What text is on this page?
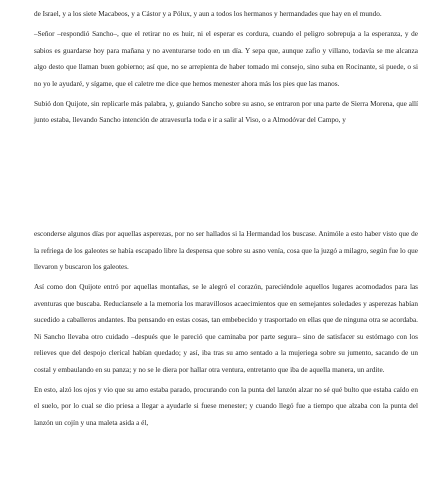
de Israel, y a los siete Macabeos, y a Cástor y a Pólux, y aun a todos los hermanos y hermandades que hay en el mundo.

–Señor –respondió Sancho–, que el retirar no es huir, ni el esperar es cordura, cuando el peligro sobrepuja a la esperanza, y de sabios es guardarse hoy para mañana y no aventurarse todo en un día. Y sepa que, aunque zafio y villano, todavía se me alcanza algo desto que llaman buen gobierno; así que, no se arrepienta de haber tomado mi consejo, sino suba en Rocinante, si puede, o si no yo le ayudaré, y sígame, que el caletre me dice que hemos menester ahora más los pies que las manos.

Subió don Quijote, sin replicarle más palabra, y, guiando Sancho sobre su asno, se entraron por una parte de Sierra Morena, que allí junto estaba, llevando Sancho intención de atravesurla toda e ir a salir al Viso, o a Almodóvar del Campo, y

esconderse algunos días por aquellas asperezas, por no ser hallados si la Hermandad los buscase. Animóle a esto haber visto que de la refriega de los galeotes se había escapado libre la despensa que sobre su asno venía, cosa que la juzgó a milagro, según fue lo que llevaron y buscaron los galeotes.

Así como don Quijote entró por aquellas montañas, se le alegró el corazón, pareciéndole aquellos lugares acomodados para las aventuras que buscaba. Reducíansele a la memoria los maravillosos acaecimientos que en semejantes soledades y asperezas habían sucedido a caballeros andantes. Iba pensando en estas cosas, tan embebecido y trasportado en ellas que de ninguna otra se acordaba. Ni Sancho llevaba otro cuidado –después que le pareció que caminaba por parte segura– sino de satisfacer su estómago con los relieves que del despojo clerical habían quedado; y así, iba tras su amo sentado a la mujeriega sobre su jumento, sacando de un costal y embaulando en su panza; y no se le diera por hallar otra ventura, entretanto que iba de aquella manera, un ardite.

En esto, alzó los ojos y vio que su amo estaba parado, procurando con la punta del lanzón alzar no sé qué bulto que estaba caído en el suelo, por lo cual se dio priesa a llegar a ayudarle si fuese menester; y cuando llegó fue a tiempo que alzaba con la punta del lanzón un cojín y una maleta asida a él,
